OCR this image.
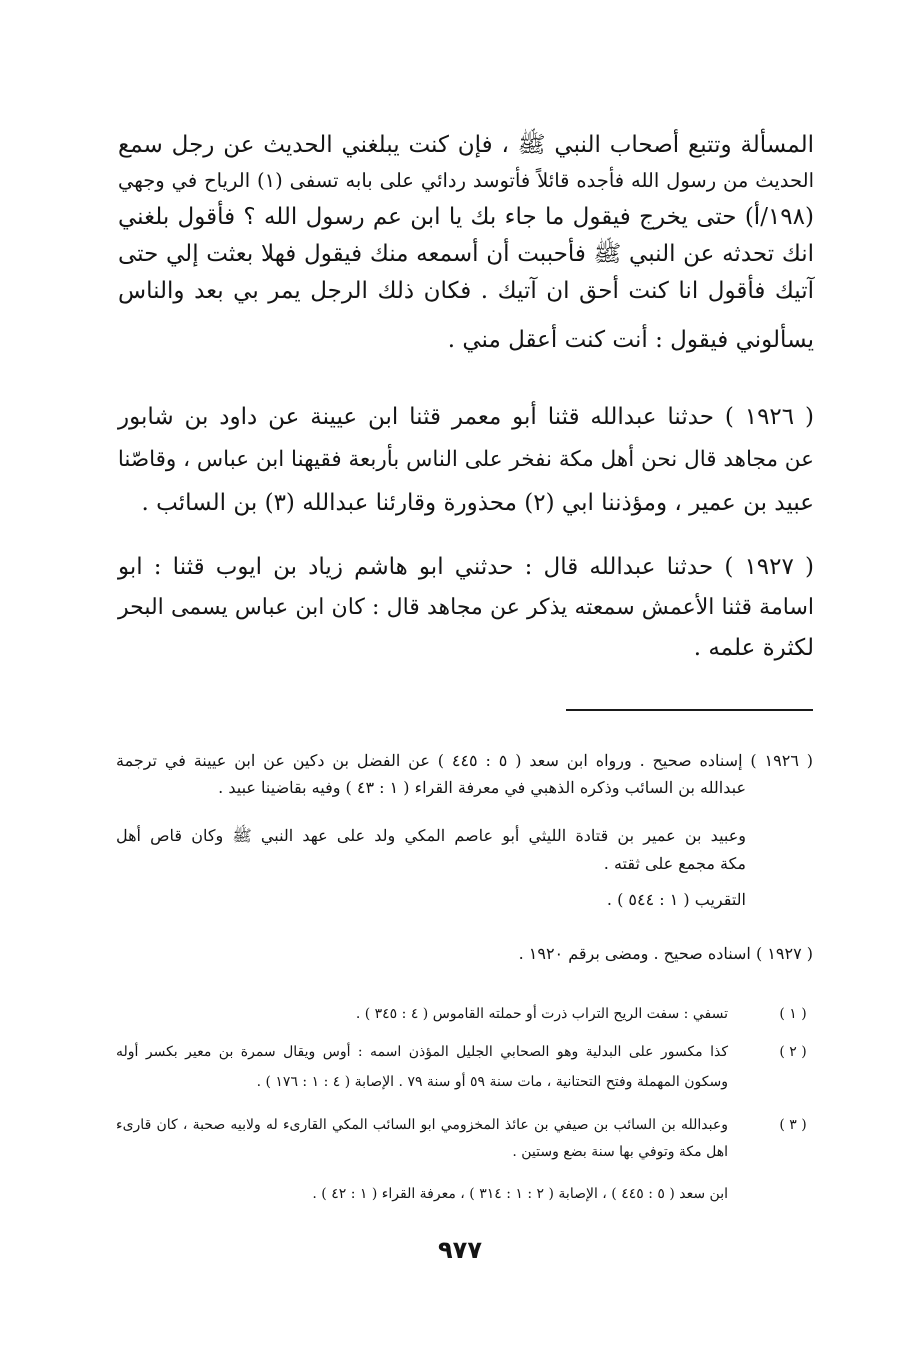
المسألة وتتبع أصحاب النبي ﷺ ، فإن كنت يبلغني الحديث عن رجل سمع
الحديث من رسول الله فأجده قائلاً فأتوسد ردائي على بابه تسفى (١) الرياح في وجهي
(١٩٨/أ) حتى يخرج فيقول ما جاء بك يا ابن عم رسول الله ؟ فأقول بلغني
انك تحدثه عن النبي ﷺ فأحببت أن أسمعه منك فيقول فهلا بعثت إلي حتى
آتيك فأقول انا كنت أحق ان آتيك . فكان ذلك الرجل يمر بي بعد والناس
يسألوني فيقول : أنت كنت أعقل مني .
( ١٩٢٦ ) حدثنا عبدالله قثنا أبو معمر قثنا ابن عيينة عن داود بن شابور
عن مجاهد قال نحن أهل مكة نفخر على الناس بأربعة فقيهنا ابن عباس ، وقاصّنا
عبيد بن عمير ، ومؤذننا ابي (٢) محذورة وقارئنا عبدالله (٣) بن السائب .
( ١٩٢٧ ) حدثنا عبدالله قال : حدثني ابو هاشم زياد بن ايوب قثنا : ابو
اسامة قثنا الأعمش سمعته يذكر عن مجاهد قال : كان ابن عباس يسمى البحر
لكثرة علمه .
( ١٩٢٦ ) إسناده صحيح . ورواه ابن سعد ( ٥ : ٤٤٥ ) عن الفضل بن دكين عن ابن عيينة في ترجمة
عبدالله بن السائب وذكره الذهبي في معرفة القراء ( ١ : ٤٣ ) وفيه بقاضينا عبيد .
وعبيد بن عمير بن قتادة الليثي أبو عاصم المكي ولد على عهد النبي ﷺ وكان قاص أهل
مكة مجمع على ثقته .
التقريب ( ١ : ٥٤٤ ) .
( ١٩٢٧ ) اسناده صحيح . ومضى برقم ١٩٢٠ .
( ١ )
تسفي : سفت الريح التراب ذرت أو حملته القاموس ( ٤ : ٣٤٥ ) .
( ٢ )
كذا مكسور على البدلية وهو الصحابي الجليل المؤذن اسمه : أوس ويقال سمرة بن معير بكسر أوله
وسكون المهملة وفتح التحتانية ، مات سنة ٥٩ أو سنة ٧٩ . الإصابة ( ٤ : ١ : ١٧٦ ) .
( ٣ )
وعبدالله بن السائب بن صيفي بن عائذ المخزومي ابو السائب المكي القارىء له ولابيه صحبة ، كان قارىء
اهل مكة وتوفي بها سنة بضع وستين .
ابن سعد ( ٥ : ٤٤٥ ) ، الإصابة ( ٢ : ١ : ٣١٤ ) ، معرفة القراء ( ١ : ٤٢ ) .
٩٧٧
